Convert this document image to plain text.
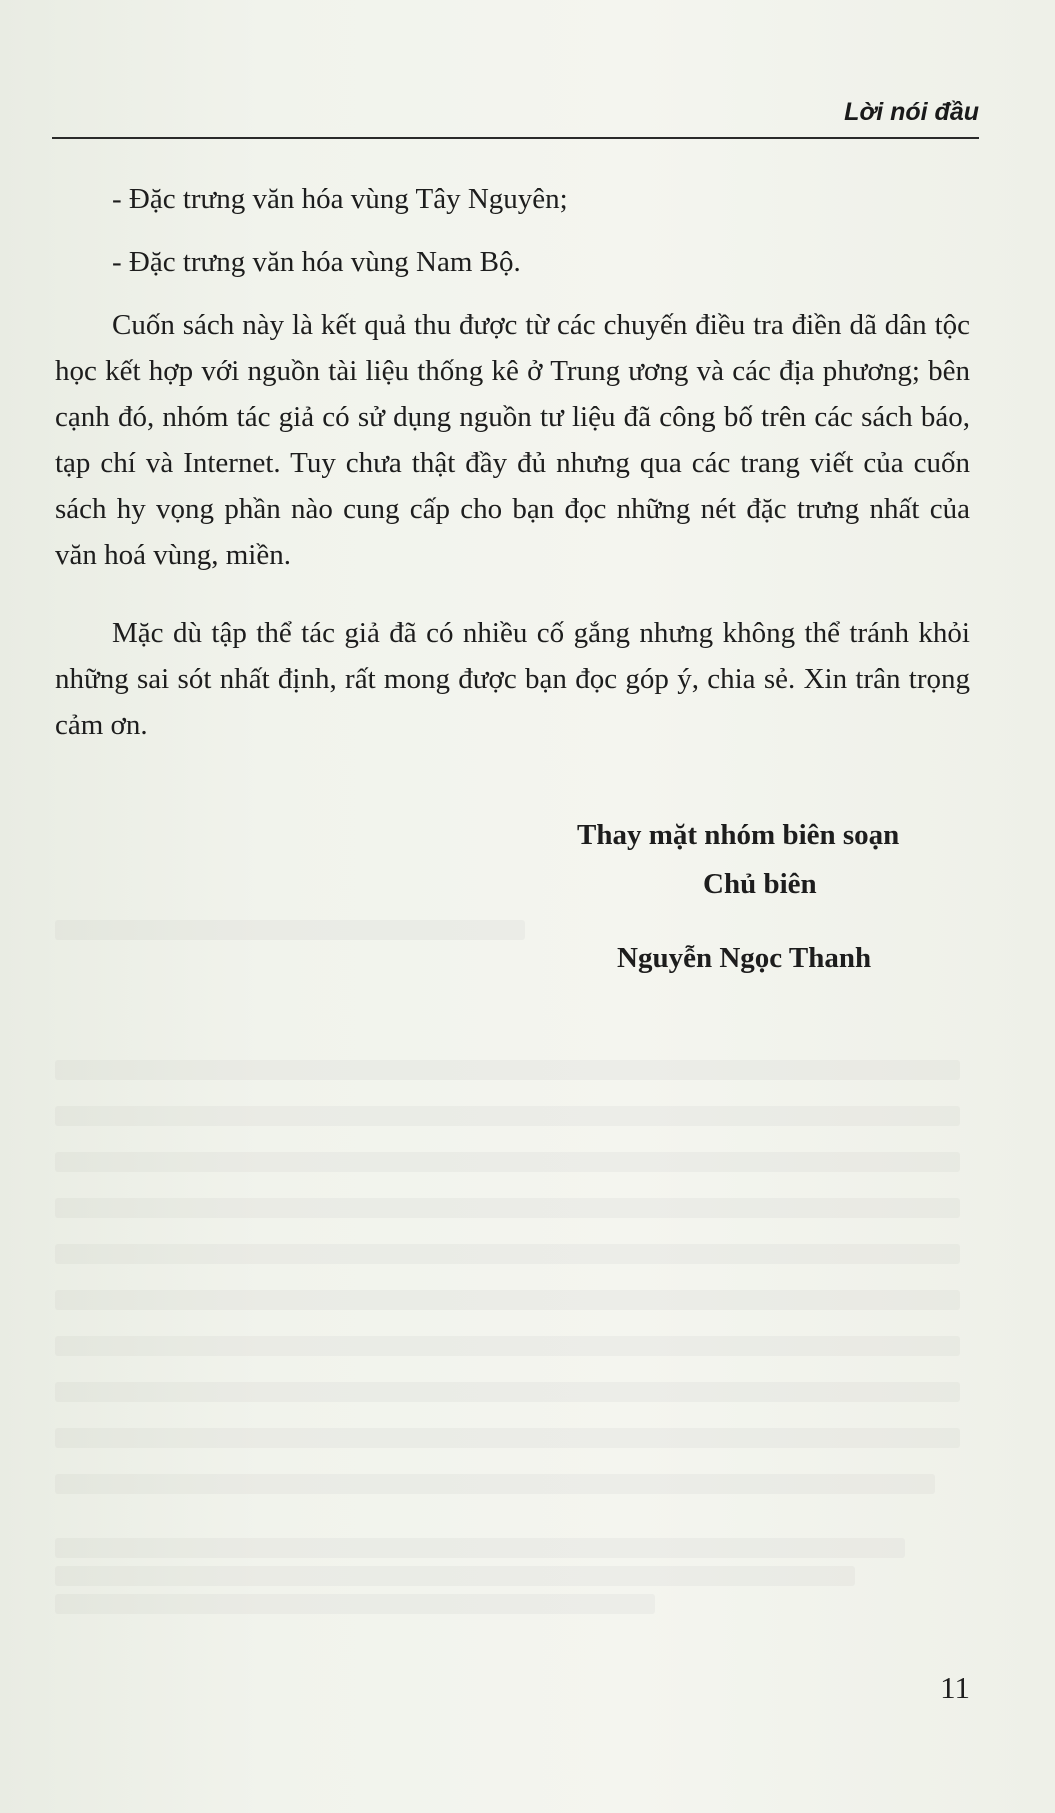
Lời nói đầu
- Đặc trưng văn hóa vùng Tây Nguyên;
- Đặc trưng văn hóa vùng Nam Bộ.

Cuốn sách này là kết quả thu được từ các chuyến điều tra điền dã dân tộc học kết hợp với nguồn tài liệu thống kê ở Trung ương và các địa phương; bên cạnh đó, nhóm tác giả có sử dụng nguồn tư liệu đã công bố trên các sách báo, tạp chí và Internet. Tuy chưa thật đầy đủ nhưng qua các trang viết của cuốn sách hy vọng phần nào cung cấp cho bạn đọc những nét đặc trưng nhất của văn hoá vùng, miền.

Mặc dù tập thể tác giả đã có nhiều cố gắng nhưng không thể tránh khỏi những sai sót nhất định, rất mong được bạn đọc góp ý, chia sẻ. Xin trân trọng cảm ơn.

Thay mặt nhóm biên soạn
Chủ biên
Nguyễn Ngọc Thanh
11
